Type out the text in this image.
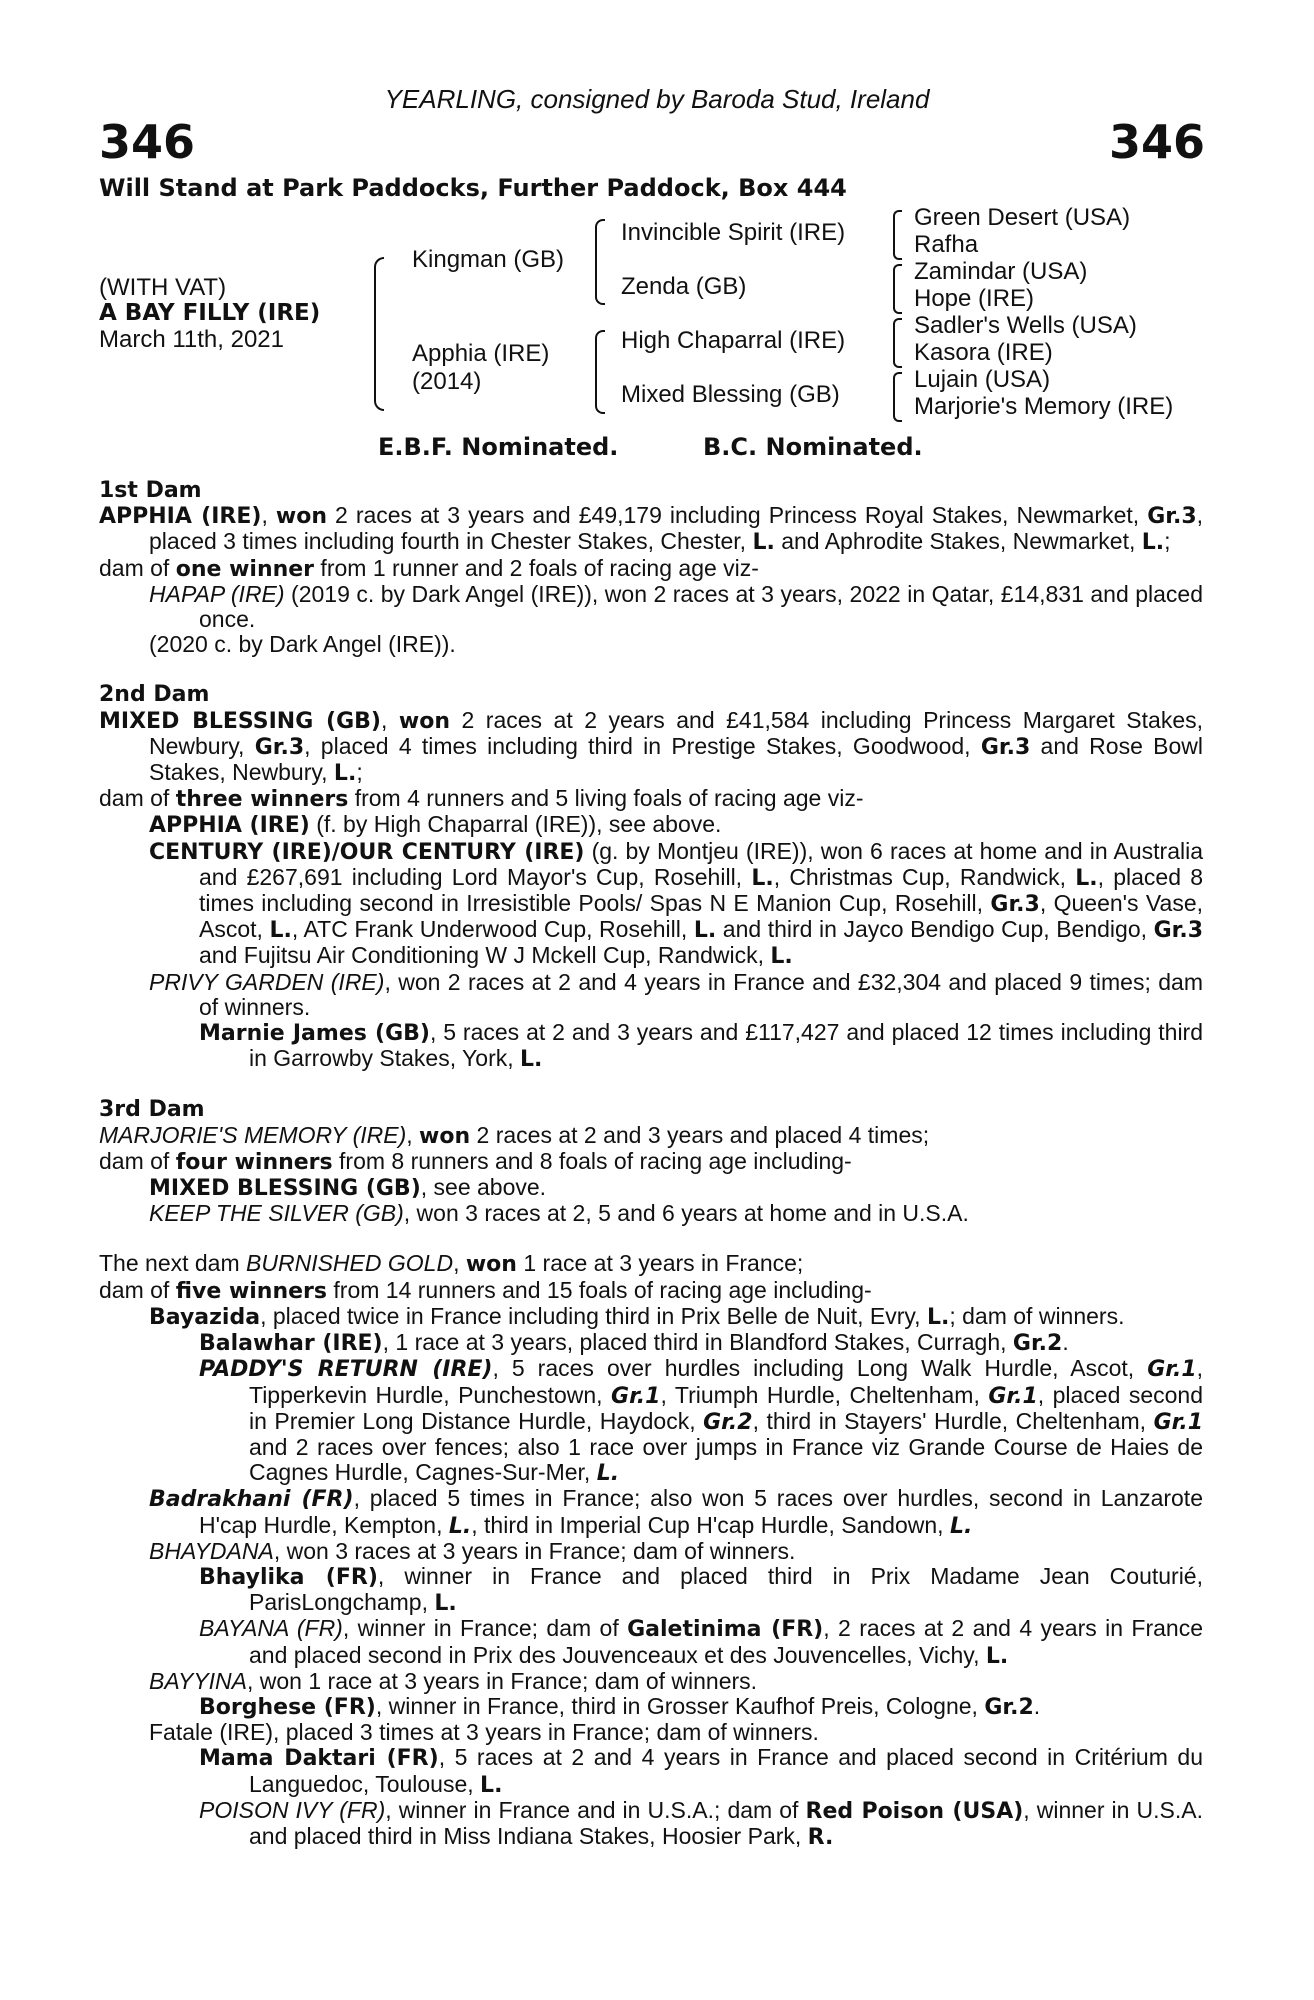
YEARLING, consigned by Baroda Stud, Ireland
346	346
Will Stand at Park Paddocks, Further Paddock, Box 444
(WITH VAT)
A BAY FILLY (IRE)
March 11th, 2021
Kingman (GB)
Apphia (IRE)
(2014)
Invincible Spirit (IRE)
Zenda (GB)
High Chaparral (IRE)
Mixed Blessing (GB)
Green Desert (USA)
Rafha
Zamindar (USA)
Hope (IRE)
Sadler's Wells (USA)
Kasora (IRE)
Lujain (USA)
Marjorie's Memory (IRE)
E.B.F. Nominated.	B.C. Nominated.
1st Dam
APPHIA (IRE), won 2 races at 3 years and £49,179 including Princess Royal Stakes, Newmarket, Gr.3, placed 3 times including fourth in Chester Stakes, Chester, L. and Aphrodite Stakes, Newmarket, L.;
dam of one winner from 1 runner and 2 foals of racing age viz-
HAPAP (IRE) (2019 c. by Dark Angel (IRE)), won 2 races at 3 years, 2022 in Qatar, £14,831 and placed once.
(2020 c. by Dark Angel (IRE)).
2nd Dam
MIXED BLESSING (GB), won 2 races at 2 years and £41,584 including Princess Margaret Stakes, Newbury, Gr.3, placed 4 times including third in Prestige Stakes, Goodwood, Gr.3 and Rose Bowl Stakes, Newbury, L.;
dam of three winners from 4 runners and 5 living foals of racing age viz-
APPHIA (IRE) (f. by High Chaparral (IRE)), see above.
CENTURY (IRE)/OUR CENTURY (IRE) (g. by Montjeu (IRE)), won 6 races at home and in Australia and £267,691 including Lord Mayor's Cup, Rosehill, L., Christmas Cup, Randwick, L., placed 8 times including second in Irresistible Pools/ Spas N E Manion Cup, Rosehill, Gr.3, Queen's Vase, Ascot, L., ATC Frank Underwood Cup, Rosehill, L. and third in Jayco Bendigo Cup, Bendigo, Gr.3 and Fujitsu Air Conditioning W J Mckell Cup, Randwick, L.
PRIVY GARDEN (IRE), won 2 races at 2 and 4 years in France and £32,304 and placed 9 times; dam of winners.
Marnie James (GB), 5 races at 2 and 3 years and £117,427 and placed 12 times including third in Garrowby Stakes, York, L.
3rd Dam
MARJORIE'S MEMORY (IRE), won 2 races at 2 and 3 years and placed 4 times;
dam of four winners from 8 runners and 8 foals of racing age including-
MIXED BLESSING (GB), see above.
KEEP THE SILVER (GB), won 3 races at 2, 5 and 6 years at home and in U.S.A.
The next dam BURNISHED GOLD, won 1 race at 3 years in France;
dam of five winners from 14 runners and 15 foals of racing age including-
Bayazida, placed twice in France including third in Prix Belle de Nuit, Evry, L.; dam of winners.
Balawhar (IRE), 1 race at 3 years, placed third in Blandford Stakes, Curragh, Gr.2.
PADDY'S RETURN (IRE), 5 races over hurdles including Long Walk Hurdle, Ascot, Gr.1, Tipperkevin Hurdle, Punchestown, Gr.1, Triumph Hurdle, Cheltenham, Gr.1, placed second in Premier Long Distance Hurdle, Haydock, Gr.2, third in Stayers' Hurdle, Cheltenham, Gr.1 and 2 races over fences; also 1 race over jumps in France viz Grande Course de Haies de Cagnes Hurdle, Cagnes-Sur-Mer, L.
Badrakhani (FR), placed 5 times in France; also won 5 races over hurdles, second in Lanzarote H'cap Hurdle, Kempton, L., third in Imperial Cup H'cap Hurdle, Sandown, L.
BHAYDANA, won 3 races at 3 years in France; dam of winners.
Bhaylika (FR), winner in France and placed third in Prix Madame Jean Couturié, ParisLongchamp, L.
BAYANA (FR), winner in France; dam of Galetinima (FR), 2 races at 2 and 4 years in France and placed second in Prix des Jouvenceaux et des Jouvencelles, Vichy, L.
BAYYINA, won 1 race at 3 years in France; dam of winners.
Borghese (FR), winner in France, third in Grosser Kaufhof Preis, Cologne, Gr.2.
Fatale (IRE), placed 3 times at 3 years in France; dam of winners.
Mama Daktari (FR), 5 races at 2 and 4 years in France and placed second in Critérium du Languedoc, Toulouse, L.
POISON IVY (FR), winner in France and in U.S.A.; dam of Red Poison (USA), winner in U.S.A. and placed third in Miss Indiana Stakes, Hoosier Park, R.
